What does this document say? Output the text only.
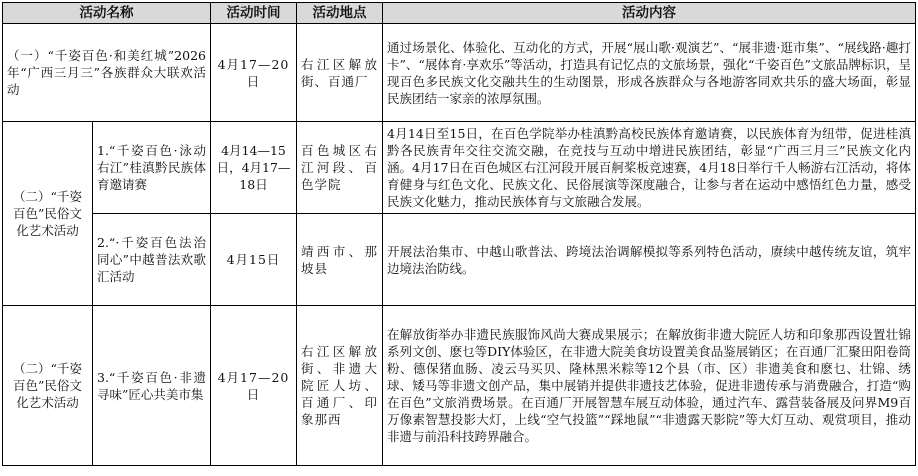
活动名称		活动时间	活动地点	活动内容
（一）“千姿百色·和美红城”2026年“广西三月三”各族群众大联欢活动		4月17—20日	右江区解放街、百通厂	通过场景化、体验化、互动化的方式，开展“展山歌·观演艺”、“展非遗·逛市集”、“展线路·趣打卡”、“展体育·享欢乐”等活动，打造具有记忆点的文旅场景，强化“千姿百色”文旅品牌标识，呈现百色多民族文化交融共生的生动图景，形成各族群众与各地游客同欢共乐的盛大场面，彰显民族团结一家亲的浓厚氛围。
（二）“千姿百色”民俗文化艺术活动	1.“千姿百色·泳动右江”桂滇黔民族体育邀请赛	4月14—15日，4月17—18日	百色城区右江河段、百色学院	4月14日至15日，在百色学院举办桂滇黔高校民族体育邀请赛，以民族体育为纽带，促进桂滇黔各民族青年交往交流交融，在竞技与互动中增进民族团结，彰显“广西三月三”民族文化内涵。4月17日在百色城区右江河段开展百舸桨板竞速赛，4月18日举行千人畅游右江活动，将体育健身与红色文化、民族文化、民俗展演等深度融合，让参与者在运动中感悟红色力量，感受民族文化魅力，推动民族体育与文旅融合发展。
	2.“·千姿百色法治同心”中越普法欢歌汇活动	4月15日	靖西市、那坡县	开展法治集市、中越山歌普法、跨境法治调解模拟等系列特色活动，赓续中越传统友谊，筑牢边境法治防线。
（二）“千姿百色”民俗文化艺术活动	3.“千姿百色·非遗寻味”匠心共美市集	4月17—20日	右江区解放街、非遗大院匠人坊、百通厂、印象那西	在解放街举办非遗民族服饰风尚大赛成果展示；在解放街非遗大院匠人坊和印象那西设置壮锦系列文创、麽乜等DIY体验区，在非遗大院美食坊设置美食品鉴展销区；在百通厂汇聚田阳卷筒粉、德保猪血肠、凌云马买贝、隆林黑米粽等12个县（市、区）非遗美食和麽乜、壮锦、绣球、矮马等非遗文创产品，集中展销并提供非遗技艺体验，促进非遗传承与消费融合，打造“购在百色”文旅消费场景。在百通厂开展智慧车展互动体验，通过汽车、露营装备展及问界M9百万像素智慧投影大灯，上线“空气投篮”“踩地鼠”“非遗露天影院”等大灯互动、观赏项目，推动非遗与前沿科技跨界融合。
